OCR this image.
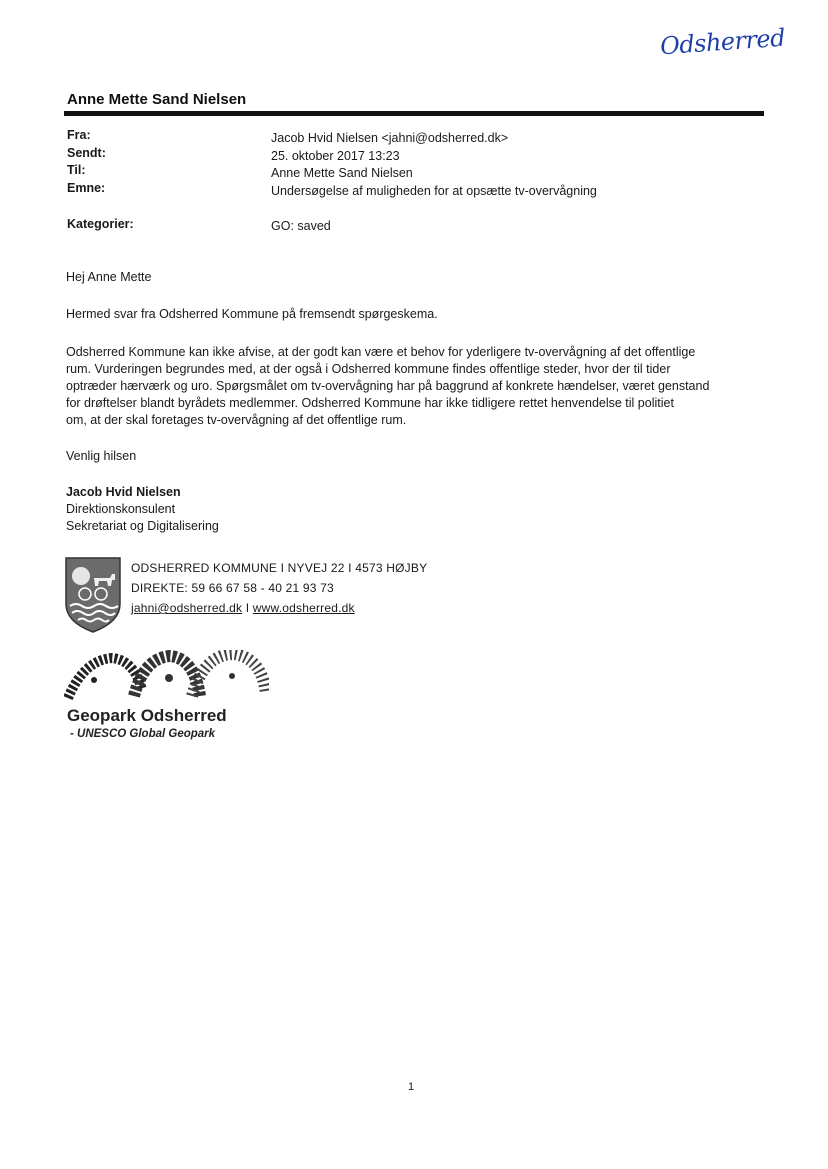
Odsherred
Anne Mette Sand Nielsen
Fra:	Jacob Hvid Nielsen <jahni@odsherred.dk>
Sendt:	25. oktober 2017 13:23
Til:	Anne Mette Sand Nielsen
Emne:	Undersøgelse af muligheden for at opsætte tv-overvågning
Kategorier:	GO: saved
Hej Anne Mette
Hermed svar fra Odsherred Kommune på fremsendt spørgeskema.
Odsherred Kommune kan ikke afvise, at der godt kan være et behov for yderligere tv-overvågning af det offentlige
rum. Vurderingen begrundes med, at der også i Odsherred kommune findes offentlige steder, hvor der til tider
optræder hærværk og uro. Spørgsmålet om tv-overvågning har på baggrund af konkrete hændelser, været genstand
for drøftelser blandt byrådets medlemmer. Odsherred Kommune har ikke tidligere rettet henvendelse til politiet
om, at der skal foretages tv-overvågning af det offentlige rum.
Venlig hilsen
Jacob Hvid Nielsen
Direktionskonsulent
Sekretariat og Digitalisering
ODSHERRED KOMMUNE I NYVEJ 22 I 4573 HØJBY
DIREKTE: 59 66 67 58 - 40 21 93 73
jahni@odsherred.dk I www.odsherred.dk
Geopark Odsherred
- UNESCO Global Geopark
1
